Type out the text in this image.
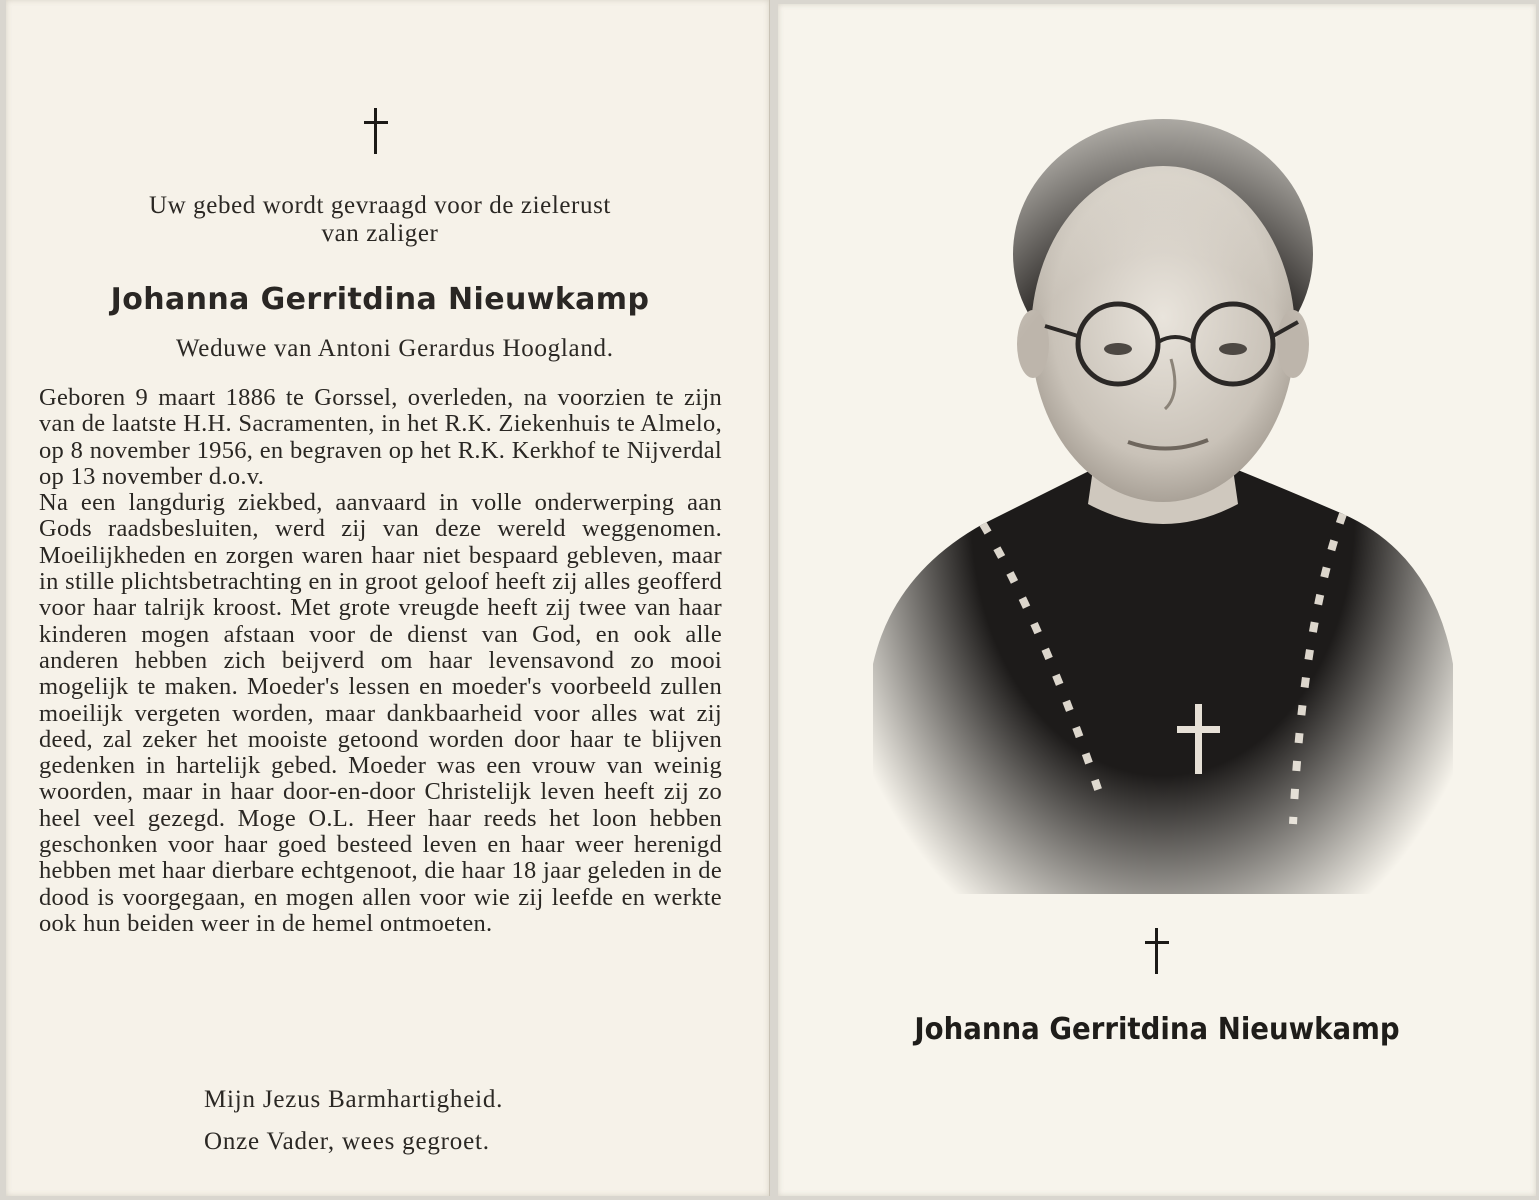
Uw gebed wordt gevraagd voor de zielerust
van zaliger
Johanna Gerritdina Nieuwkamp
Weduwe van Antoni Gerardus Hoogland.

Geboren 9 maart 1886 te Gorssel, overleden, na voorzien te zijn van de laatste H.H. Sacramenten, in het R.K. Ziekenhuis te Almelo, op 8 november 1956, en begraven op het R.K. Kerkhof te Nijverdal op 13 november d.o.v.

Na een langdurig ziekbed, aanvaard in volle onderwerping aan Gods raadsbesluiten, werd zij van deze wereld weggenomen. Moeilijkheden en zorgen waren haar niet bespaard gebleven, maar in stille plichtsbetrachting en in groot geloof heeft zij alles geofferd voor haar talrijk kroost. Met grote vreugde heeft zij twee van haar kinderen mogen afstaan voor de dienst van God, en ook alle anderen hebben zich beijverd om haar levensavond zo mooi mogelijk te maken. Moeder's lessen en moeder's voorbeeld zullen moeilijk vergeten worden, maar dankbaarheid voor alles wat zij deed, zal zeker het mooiste getoond worden door haar te blijven gedenken in hartelijk gebed. Moeder was een vrouw van weinig woorden, maar in haar door-en-door Christelijk leven heeft zij zo heel veel gezegd. Moge O.L. Heer haar reeds het loon hebben geschonken voor haar goed besteed leven en haar weer herenigd hebben met haar dierbare echtgenoot, die haar 18 jaar geleden in de dood is voorgegaan, en mogen allen voor wie zij leefde en werkte ook hun beiden weer in de hemel ontmoeten.

Mijn Jezus Barmhartigheid.
Onze Vader, wees gegroet.
Johanna Gerritdina Nieuwkamp
